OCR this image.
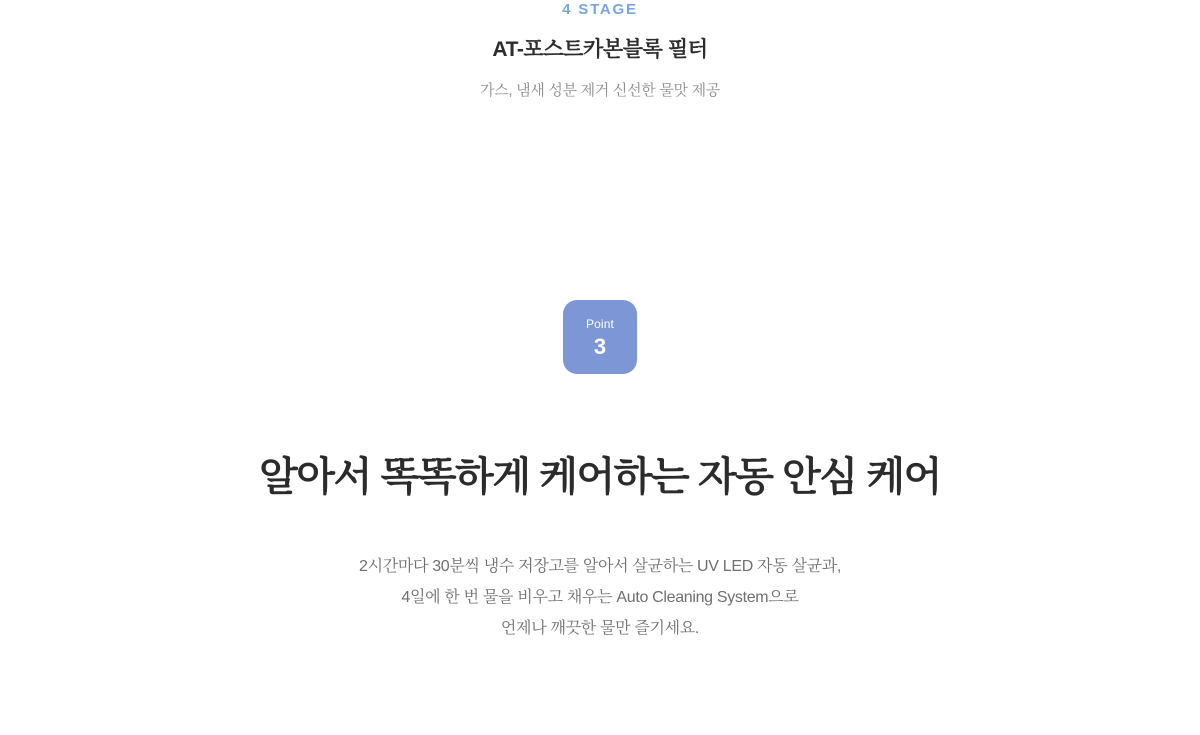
4 STAGE

AT-포스트카본블록 필터

가스, 냄새 성분 제거 신선한 물맛 제공

Point
3
알아서 똑똑하게 케어하는 자동 안심 케어
2시간마다 30분씩 냉수 저장고를 알아서 살균하는 UV LED 자동 살균과,
4일에 한 번 물을 비우고 채우는 Auto Cleaning System으로
언제나 깨끗한 물만 즐기세요.
